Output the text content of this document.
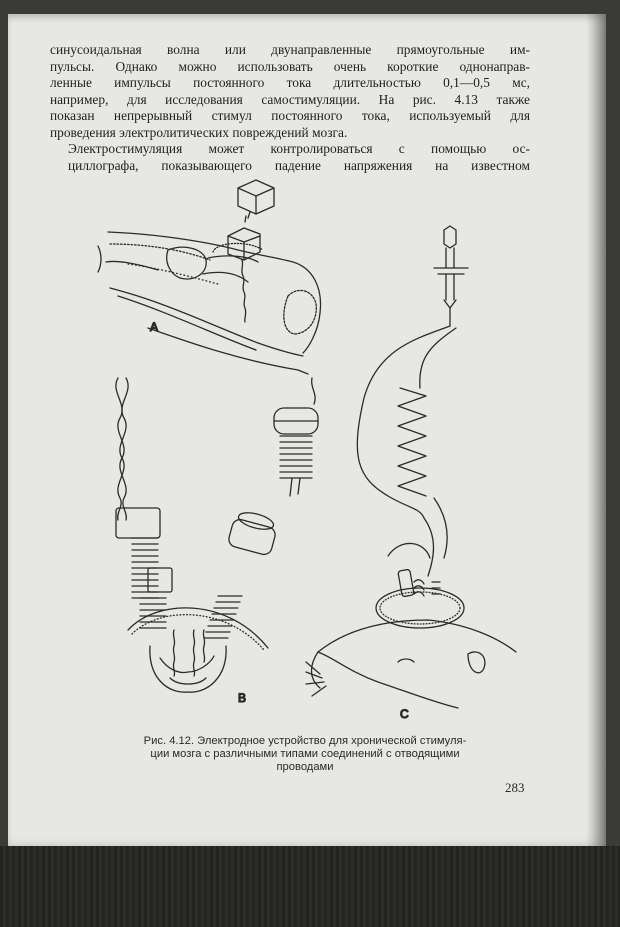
синусоидальная волна или двунаправленные прямоугольные им-
пульсы. Однако можно использовать очень короткие однонаправ-
ленные импульсы постоянного тока длительностью 0,1—0,5 мс,
например, для исследования самостимуляции. На рис. 4.13 также
показан непрерывный стимул постоянного тока, используемый для
проведения электролитических повреждений мозга.
Электростимуляция может контролироваться с помощью ос-
циллографа, показывающего падение напряжения на известном
A
B
C
Рис. 4.12. Электродное устройство для хронической стимуля-
ции мозга с различными типами соединений с отводящими
проводами
283
